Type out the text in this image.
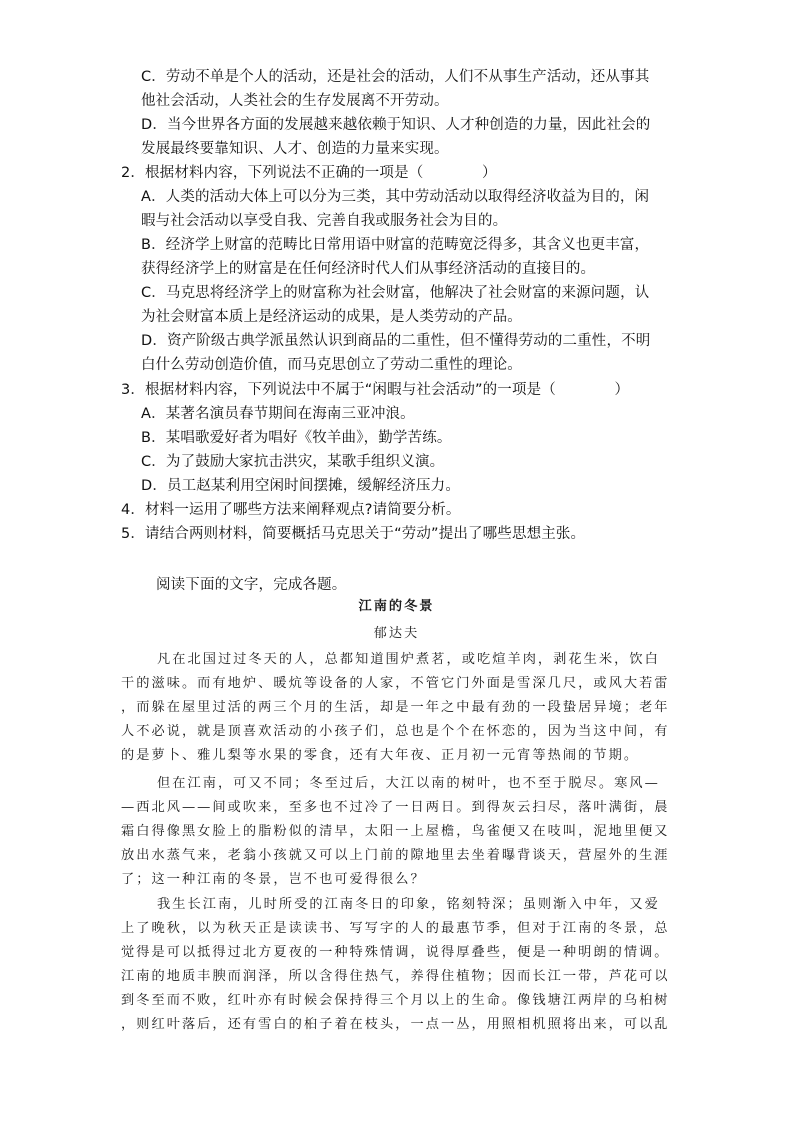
C．劳动不单是个人的活动，还是社会的活动，人们不从事生产活动，还从事其
他社会活动，人类社会的生存发展离不开劳动。
D．当今世界各方面的发展越来越依赖于知识、人才种创造的力量，因此社会的
发展最终要靠知识、人才、创造的力量来实现。
2．根据材料内容，下列说法不正确的一项是（　　　　）
A．人类的活动大体上可以分为三类，其中劳动活动以取得经济收益为目的，闲
暇与社会活动以享受自我、完善自我或服务社会为目的。
B．经济学上财富的范畴比日常用语中财富的范畴宽泛得多，其含义也更丰富，
获得经济学上的财富是在任何经济时代人们从事经济活动的直接目的。
C．马克思将经济学上的财富称为社会财富，他解决了社会财富的来源问题，认
为社会财富本质上是经济运动的成果，是人类劳动的产品。
D．资产阶级古典学派虽然认识到商品的二重性，但不懂得劳动的二重性，不明
白什么劳动创造价值，而马克思创立了劳动二重性的理论。
3．根据材料内容，下列说法中不属于“闲暇与社会活动”的一项是（　　　　）
A．某著名演员春节期间在海南三亚冲浪。
B．某唱歌爱好者为唱好《牧羊曲》，勤学苦练。
C．为了鼓励大家抗击洪灾，某歌手组织义演。
D．员工赵某利用空闲时间摆摊，缓解经济压力。
4．材料一运用了哪些方法来阐释观点?请简要分析。
5．请结合两则材料，简要概括马克思关于“劳动”提出了哪些思想主张。
阅读下面的文字，完成各题。
江南的冬景
郁达夫
凡在北国过过冬天的人，总都知道围炉煮茗，或吃煊羊肉，剥花生米，饮白
干的滋味。而有地炉、暖炕等设备的人家，不管它门外面是雪深几尺，或风大若雷
，而躲在屋里过活的两三个月的生活，却是一年之中最有劲的一段蛰居异境；老年
人不必说，就是顶喜欢活动的小孩子们，总也是个个在怀恋的，因为当这中间，有
的是萝卜、雅儿梨等水果的零食，还有大年夜、正月初一元宵等热闹的节期。
但在江南，可又不同；冬至过后，大江以南的树叶，也不至于脱尽。寒风—
—西北风——间或吹来，至多也不过冷了一日两日。到得灰云扫尽，落叶满街，晨
霜白得像黑女脸上的脂粉似的清早，太阳一上屋檐，鸟雀便又在吱叫，泥地里便又
放出水蒸气来，老翁小孩就又可以上门前的隙地里去坐着曝背谈天，营屋外的生涯
了；这一种江南的冬景，岂不也可爱得很么？
我生长江南，儿时所受的江南冬日的印象，铭刻特深；虽则渐入中年，又爱
上了晚秋，以为秋天正是读读书、写写字的人的最惠节季，但对于江南的冬景，总
觉得是可以抵得过北方夏夜的一种特殊情调，说得厚叠些，便是一种明朗的情调。
江南的地质丰腴而润泽，所以含得住热气，养得住植物；因而长江一带，芦花可以
到冬至而不败，红叶亦有时候会保持得三个月以上的生命。像钱塘江两岸的乌桕树
，则红叶落后，还有雪白的桕子着在枝头，一点一丛，用照相机照将出来，可以乱
